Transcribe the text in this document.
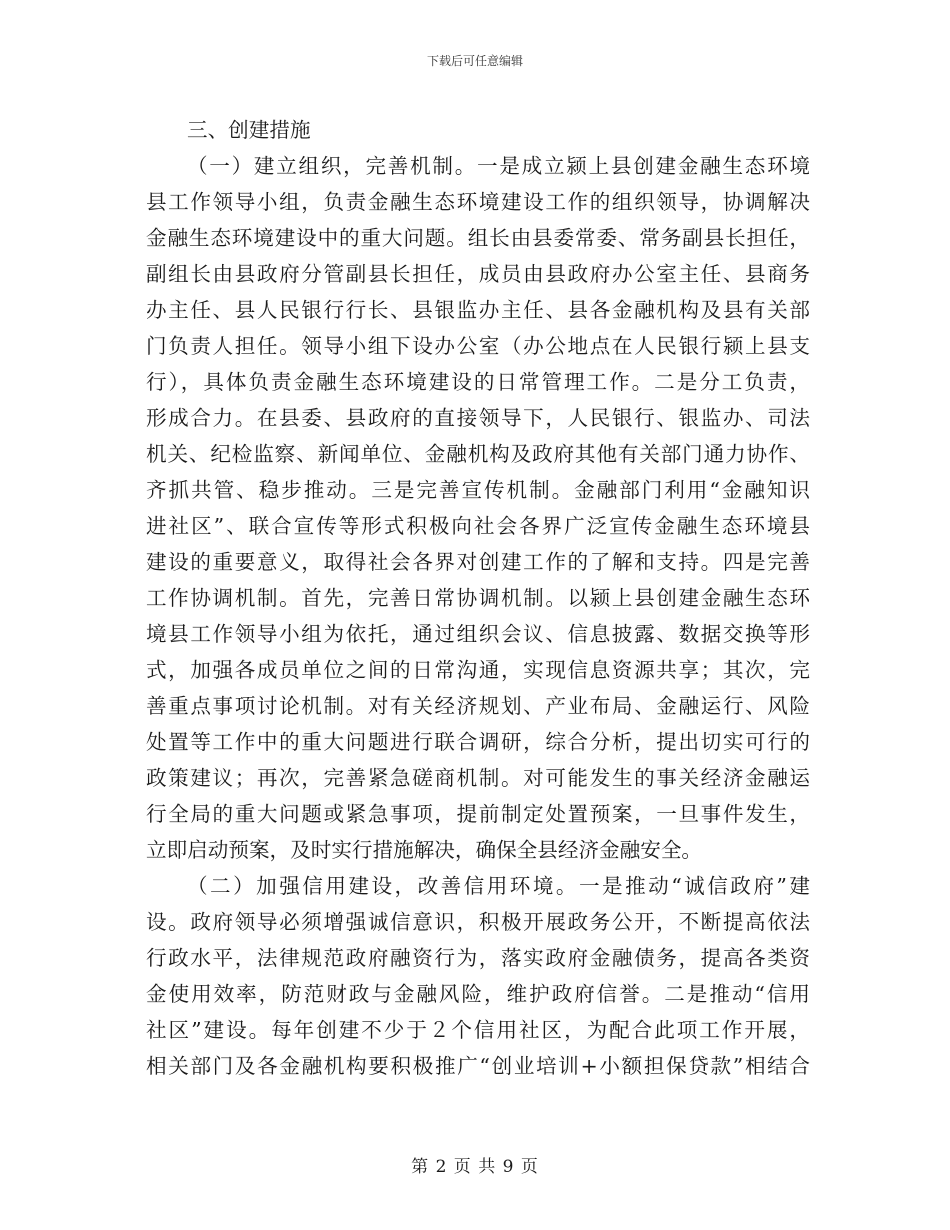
下载后可任意编辑
三、创建措施
（一）建立组织，完善机制。一是成立颍上县创建金融生态环境
县工作领导小组，负责金融生态环境建设工作的组织领导，协调解决
金融生态环境建设中的重大问题。组长由县委常委、常务副县长担任，
副组长由县政府分管副县长担任，成员由县政府办公室主任、县商务
办主任、县人民银行行长、县银监办主任、县各金融机构及县有关部
门负责人担任。领导小组下设办公室（办公地点在人民银行颍上县支
行），具体负责金融生态环境建设的日常管理工作。二是分工负责，
形成合力。在县委、县政府的直接领导下，人民银行、银监办、司法
机关、纪检监察、新闻单位、金融机构及政府其他有关部门通力协作、
齐抓共管、稳步推动。三是完善宣传机制。金融部门利用“金融知识
进社区”、联合宣传等形式积极向社会各界广泛宣传金融生态环境县
建设的重要意义，取得社会各界对创建工作的了解和支持。四是完善
工作协调机制。首先，完善日常协调机制。以颍上县创建金融生态环
境县工作领导小组为依托，通过组织会议、信息披露、数据交换等形
式，加强各成员单位之间的日常沟通，实现信息资源共享；其次，完
善重点事项讨论机制。对有关经济规划、产业布局、金融运行、风险
处置等工作中的重大问题进行联合调研，综合分析，提出切实可行的
政策建议；再次，完善紧急磋商机制。对可能发生的事关经济金融运
行全局的重大问题或紧急事项，提前制定处置预案，一旦事件发生，
立即启动预案，及时实行措施解决，确保全县经济金融安全。
（二）加强信用建设，改善信用环境。一是推动“诚信政府”建
设。政府领导必须增强诚信意识，积极开展政务公开，不断提高依法
行政水平，法律规范政府融资行为，落实政府金融债务，提高各类资
金使用效率，防范财政与金融风险，维护政府信誉。二是推动“信用
社区”建设。每年创建不少于２个信用社区，为配合此项工作开展，
相关部门及各金融机构要积极推广“创业培训+小额担保贷款”相结合
第 2 页 共 9 页
